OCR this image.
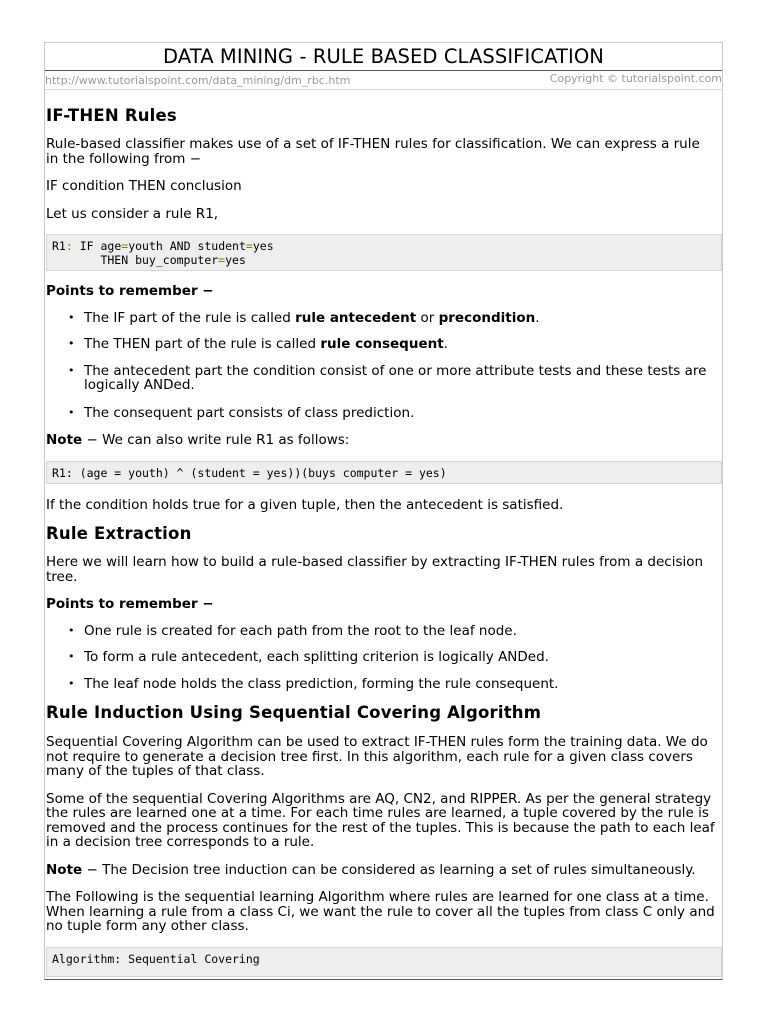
DATA MINING - RULE BASED CLASSIFICATION
http://www.tutorialspoint.com/data_mining/dm_rbc.htm	Copyright © tutorialspoint.com
IF-THEN Rules

Rule-based classifier makes use of a set of IF-THEN rules for classification. We can express a rule
in the following from −

IF condition THEN conclusion

Let us consider a rule R1,

R1: IF age=youth AND student=yes
THEN buy_computer=yes

Points to remember −

• The IF part of the rule is called rule antecedent or precondition.
• The THEN part of the rule is called rule consequent.
• The antecedent part the condition consist of one or more attribute tests and these tests are
logically ANDed.
• The consequent part consists of class prediction.

Note − We can also write rule R1 as follows:

R1: (age = youth) ^ (student = yes))(buys computer = yes)

If the condition holds true for a given tuple, then the antecedent is satisfied.

Rule Extraction

Here we will learn how to build a rule-based classifier by extracting IF-THEN rules from a decision
tree.

Points to remember −

• One rule is created for each path from the root to the leaf node.
• To form a rule antecedent, each splitting criterion is logically ANDed.
• The leaf node holds the class prediction, forming the rule consequent.
Rule Induction Using Sequential Covering Algorithm

Sequential Covering Algorithm can be used to extract IF-THEN rules form the training data. We do
not require to generate a decision tree first. In this algorithm, each rule for a given class covers
many of the tuples of that class.

Some of the sequential Covering Algorithms are AQ, CN2, and RIPPER. As per the general strategy
the rules are learned one at a time. For each time rules are learned, a tuple covered by the rule is
removed and the process continues for the rest of the tuples. This is because the path to each leaf
in a decision tree corresponds to a rule.

Note − The Decision tree induction can be considered as learning a set of rules simultaneously.

The Following is the sequential learning Algorithm where rules are learned for one class at a time.
When learning a rule from a class Ci, we want the rule to cover all the tuples from class C only and
no tuple form any other class.

Algorithm: Sequential Covering
